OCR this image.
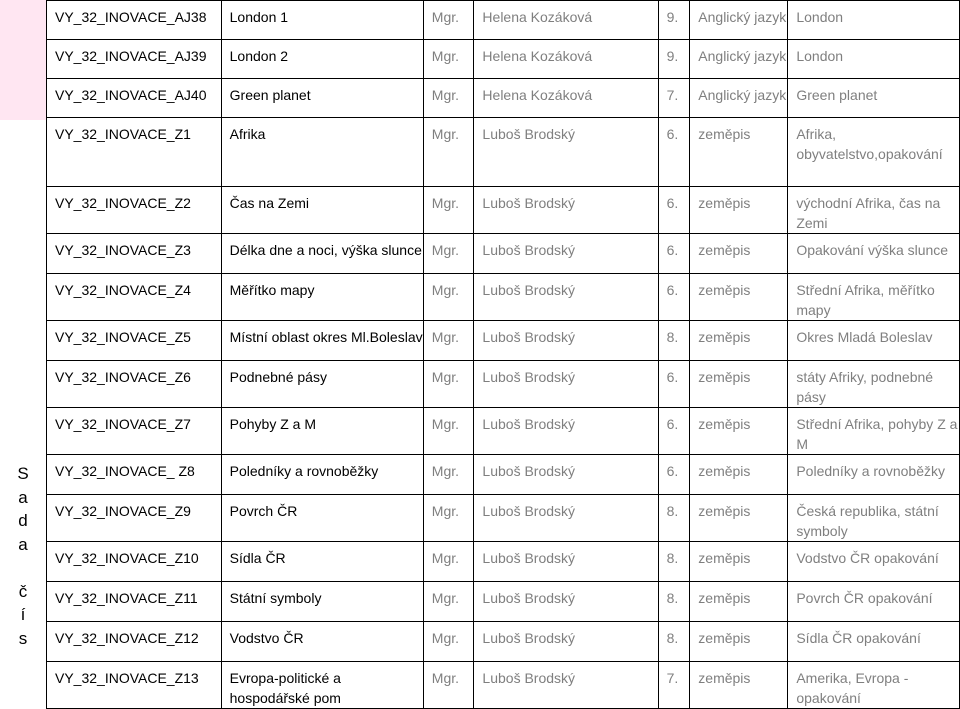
S
a
d
a
č
í
s
VY_32_INOVACE_AJ38	London 1	Mgr.	Helena Kozáková	9.	Anglický jazyk	London
VY_32_INOVACE_AJ39	London 2	Mgr.	Helena Kozáková	9.	Anglický jazyk	London
VY_32_INOVACE_AJ40	Green planet	Mgr.	Helena Kozáková	7.	Anglický jazyk	Green planet
VY_32_INOVACE_Z1	Afrika	Mgr.	Luboš Brodský	6.	zeměpis	Afrika, obyvatelstvo,opakování
VY_32_INOVACE_Z2	Čas na Zemi	Mgr.	Luboš Brodský	6.	zeměpis	východní Afrika, čas na Zemi
VY_32_INOVACE_Z3	Délka dne a noci, výška slunce	Mgr.	Luboš Brodský	6.	zeměpis	Opakování výška slunce
VY_32_INOVACE_Z4	Měřítko mapy	Mgr.	Luboš Brodský	6.	zeměpis	Střední Afrika, měřítko mapy
VY_32_INOVACE_Z5	Místní oblast okres Ml.Boleslav	Mgr.	Luboš Brodský	8.	zeměpis	Okres Mladá Boleslav
VY_32_INOVACE_Z6	Podnebné pásy	Mgr.	Luboš Brodský	6.	zeměpis	státy Afriky, podnebné pásy
VY_32_INOVACE_Z7	Pohyby Z a M	Mgr.	Luboš Brodský	6.	zeměpis	Střední Afrika, pohyby Z a M
VY_32_INOVACE_ Z8	Poledníky a rovnoběžky	Mgr.	Luboš Brodský	6.	zeměpis	Poledníky a rovnoběžky
VY_32_INOVACE_Z9	Povrch ČR	Mgr.	Luboš Brodský	8.	zeměpis	Česká republika, státní symboly
VY_32_INOVACE_Z10	Sídla ČR	Mgr.	Luboš Brodský	8.	zeměpis	Vodstvo ČR opakování
VY_32_INOVACE_Z11	Státní symboly	Mgr.	Luboš Brodský	8.	zeměpis	Povrch ČR opakování
VY_32_INOVACE_Z12	Vodstvo ČR	Mgr.	Luboš Brodský	8.	zeměpis	Sídla ČR opakování
VY_32_INOVACE_Z13	Evropa-politické a hospodářské pom	Mgr.	Luboš Brodský	7.	zeměpis	Amerika, Evropa - opakování
